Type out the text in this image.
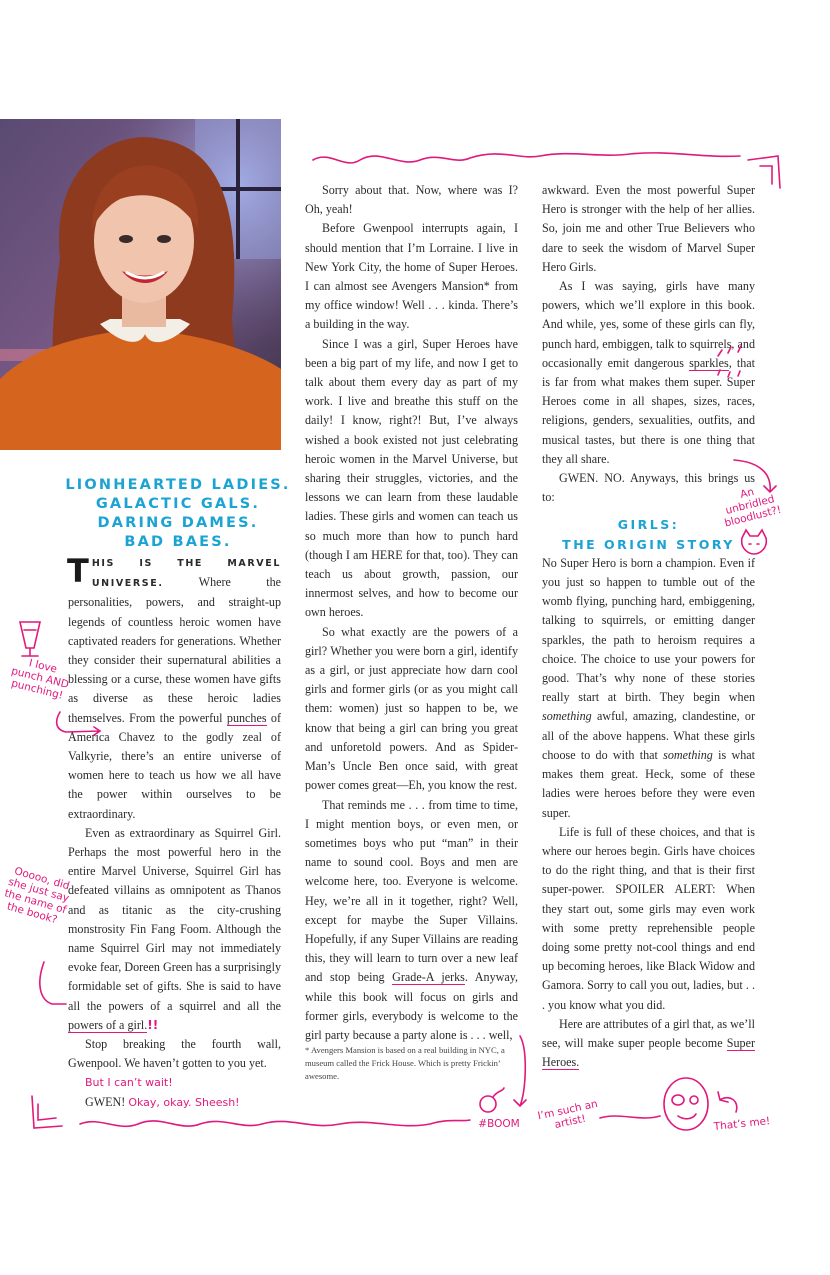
LIONHEARTED LADIES.
GALACTIC GALS.
DARING DAMES.
BAD BAES.

THIS IS THE MARVEL UNIVERSE. Where the personalities, powers, and straight-up legends of countless heroic women have captivated readers for generations. Whether they consider their supernatural abilities a blessing or a curse, these women have gifts as diverse as these heroic ladies themselves. From the powerful punches of America Chavez to the godly zeal of Valkyrie, there’s an entire universe of women here to teach us how we all have the power within ourselves to be extraordinary.

Even as extraordinary as Squirrel Girl. Perhaps the most powerful hero in the entire Marvel Universe, Squirrel Girl has defeated villains as omnipotent as Thanos and as titanic as the city-crushing monstrosity Fin Fang Foom. Although the name Squirrel Girl may not immediately evoke fear, Doreen Green has a surprisingly formidable set of gifts. She is said to have all the powers of a squirrel and all the powers of a girl.!!

Stop breaking the fourth wall, Gwenpool. We haven’t gotten to you yet.

But I can’t wait!

GWEN! Okay, okay. Sheesh!

Sorry about that. Now, where was I? Oh, yeah!

Before Gwenpool interrupts again, I should mention that I’m Lorraine. I live in New York City, the home of Super Heroes. I can almost see Avengers Mansion* from my office window! Well . . . kinda. There’s a building in the way.

Since I was a girl, Super Heroes have been a big part of my life, and now I get to talk about them every day as part of my work. I live and breathe this stuff on the daily! I know, right?! But, I’ve always wished a book existed not just celebrating heroic women in the Marvel Universe, but sharing their struggles, victories, and the lessons we can learn from these laudable ladies. These girls and women can teach us so much more than how to punch hard (though I am HERE for that, too). They can teach us about growth, passion, our innermost selves, and how to become our own heroes.

So what exactly are the powers of a girl? Whether you were born a girl, identify as a girl, or just appreciate how darn cool girls and former girls (or as you might call them: women) just so happen to be, we know that being a girl can bring you great and unforetold powers. And as Spider-Man’s Uncle Ben once said, with great power comes great—Eh, you know the rest.

That reminds me . . . from time to time, I might mention boys, or even men, or sometimes boys who put “man” in their name to sound cool. Boys and men are welcome here, too. Everyone is welcome. Hey, we’re all in it together, right? Well, except for maybe the Super Villains. Hopefully, if any Super Villains are reading this, they will learn to turn over a new leaf and stop being Grade-A jerks. Anyway, while this book will focus on girls and former girls, everybody is welcome to the girl party because a party alone is . . . well,

* Avengers Mansion is based on a real building in NYC, a museum called the Frick House. Which is pretty Frickin’ awesome.

awkward. Even the most powerful Super Hero is stronger with the help of her allies. So, join me and other True Believers who dare to seek the wisdom of Marvel Super Hero Girls.

As I was saying, girls have many powers, which we’ll explore in this book. And while, yes, some of these girls can fly, punch hard, embiggen, talk to squirrels, and occasionally emit dangerous sparkles, that is far from what makes them super. Super Heroes come in all shapes, sizes, races, religions, genders, sexualities, outfits, and musical tastes, but there is one thing that they all share.

GWEN. NO. Anyways, this brings us to:

GIRLS:
THE ORIGIN STORY

No Super Hero is born a champion. Even if you just so happen to tumble out of the womb flying, punching hard, embiggening, talking to squirrels, or emitting danger sparkles, the path to heroism requires a choice. The choice to use your powers for good. That’s why none of these stories really start at birth. They begin when something awful, amazing, clandestine, or all of the above happens. What these girls choose to do with that something is what makes them great. Heck, some of these ladies were heroes before they were even super.

Life is full of these choices, and that is where our heroes begin. Girls have choices to do the right thing, and that is their first super-power. SPOILER ALERT: When they start out, some girls may even work with some pretty reprehensible people doing some pretty not-cool things and end up becoming heroes, like Black Widow and Gamora. Sorry to call you out, ladies, but . . . you know what you did.

Here are attributes of a girl that, as we’ll see, will make super people become Super Heroes.

I love punch AND punching!
Ooooo, did she just say the name of the book?
An unbridled bloodlust?!
#BOOM
I’m such an artist!	That’s me!
